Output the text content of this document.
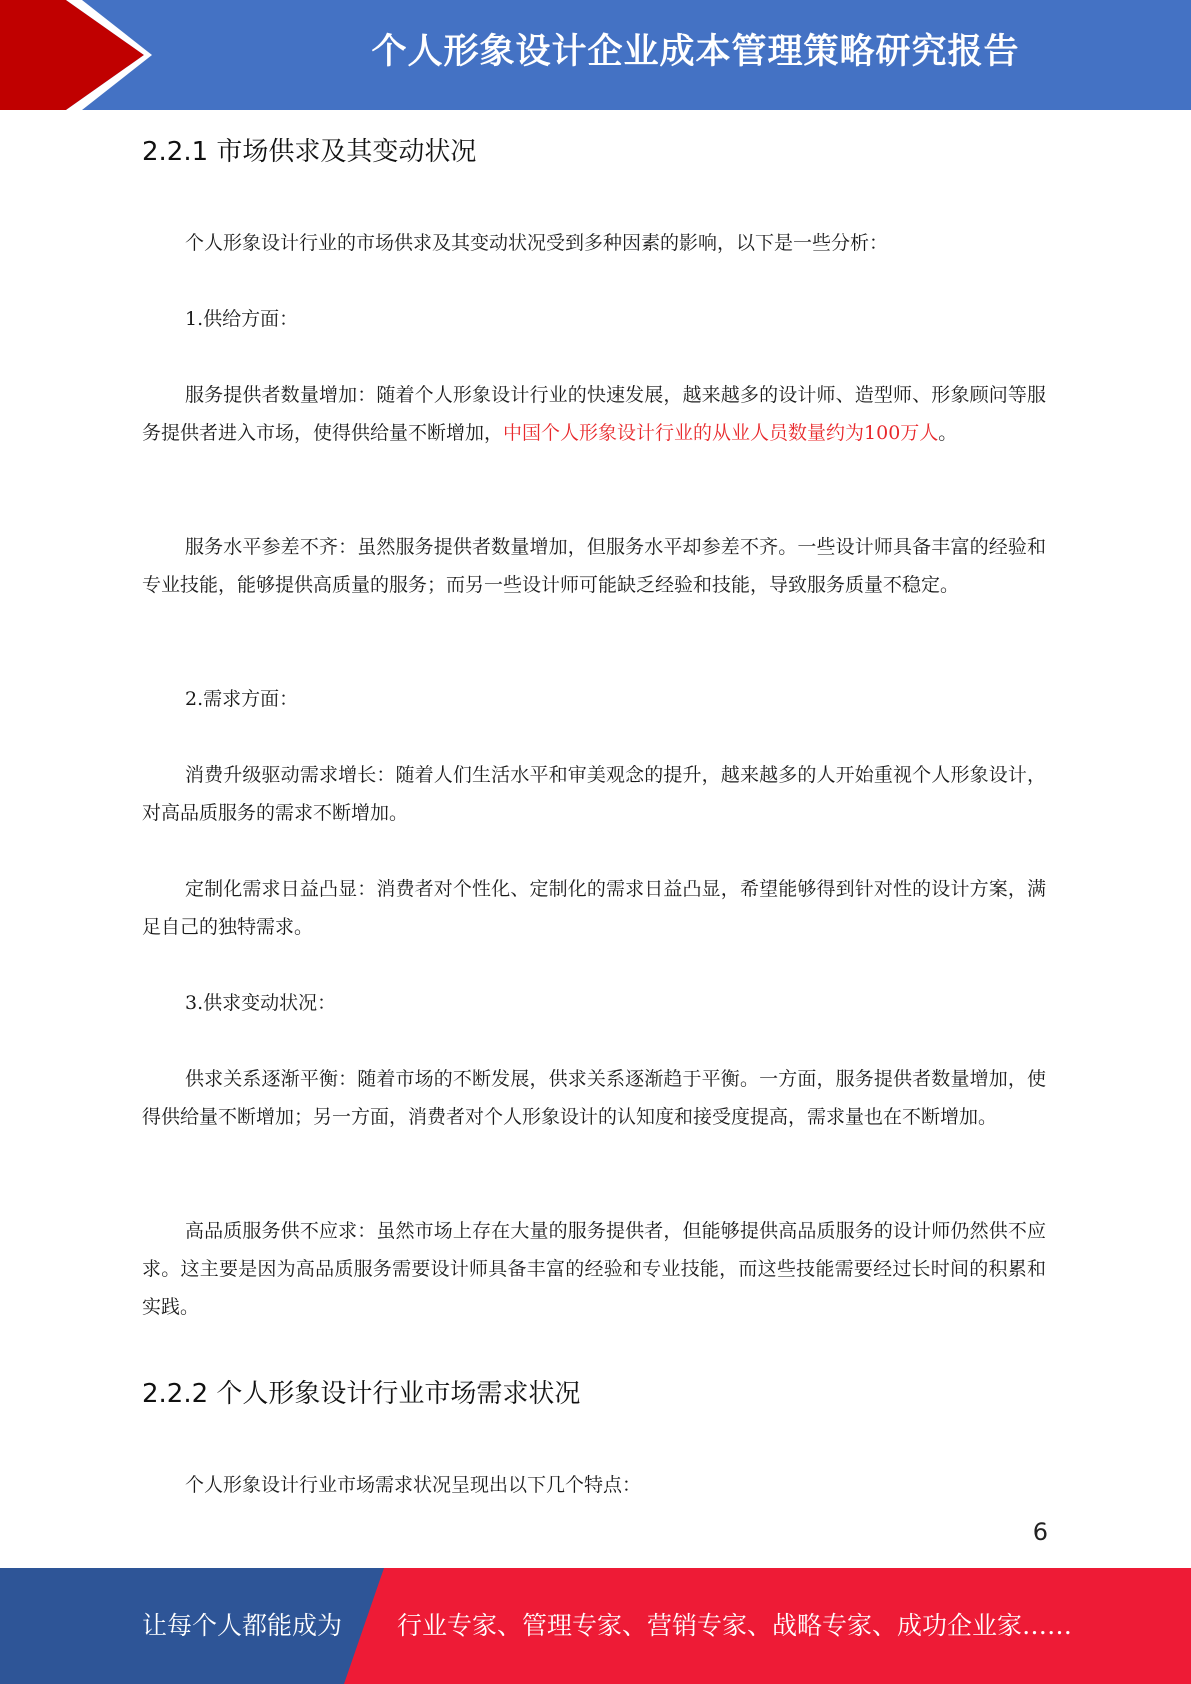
个人形象设计企业成本管理策略研究报告
2.2.1 市场供求及其变动状况

个人形象设计行业的市场供求及其变动状况受到多种因素的影响，以下是一些分析：

1.供给方面：

服务提供者数量增加：随着个人形象设计行业的快速发展，越来越多的设计师、造型师、形象顾问等服务提供者进入市场，使得供给量不断增加，中国个人形象设计行业的从业人员数量约为100万人。

服务水平参差不齐：虽然服务提供者数量增加，但服务水平却参差不齐。一些设计师具备丰富的经验和专业技能，能够提供高质量的服务；而另一些设计师可能缺乏经验和技能，导致服务质量不稳定。

2.需求方面：

消费升级驱动需求增长：随着人们生活水平和审美观念的提升，越来越多的人开始重视个人形象设计，对高品质服务的需求不断增加。

定制化需求日益凸显：消费者对个性化、定制化的需求日益凸显，希望能够得到针对性的设计方案，满足自己的独特需求。

3.供求变动状况：

供求关系逐渐平衡：随着市场的不断发展，供求关系逐渐趋于平衡。一方面，服务提供者数量增加，使得供给量不断增加；另一方面，消费者对个人形象设计的认知度和接受度提高，需求量也在不断增加。

高品质服务供不应求：虽然市场上存在大量的服务提供者，但能够提供高品质服务的设计师仍然供不应求。这主要是因为高品质服务需要设计师具备丰富的经验和专业技能，而这些技能需要经过长时间的积累和实践。

2.2.2 个人形象设计行业市场需求状况

个人形象设计行业市场需求状况呈现出以下几个特点：

6
让每个人都能成为 行业专家、管理专家、营销专家、战略专家、成功企业家……
